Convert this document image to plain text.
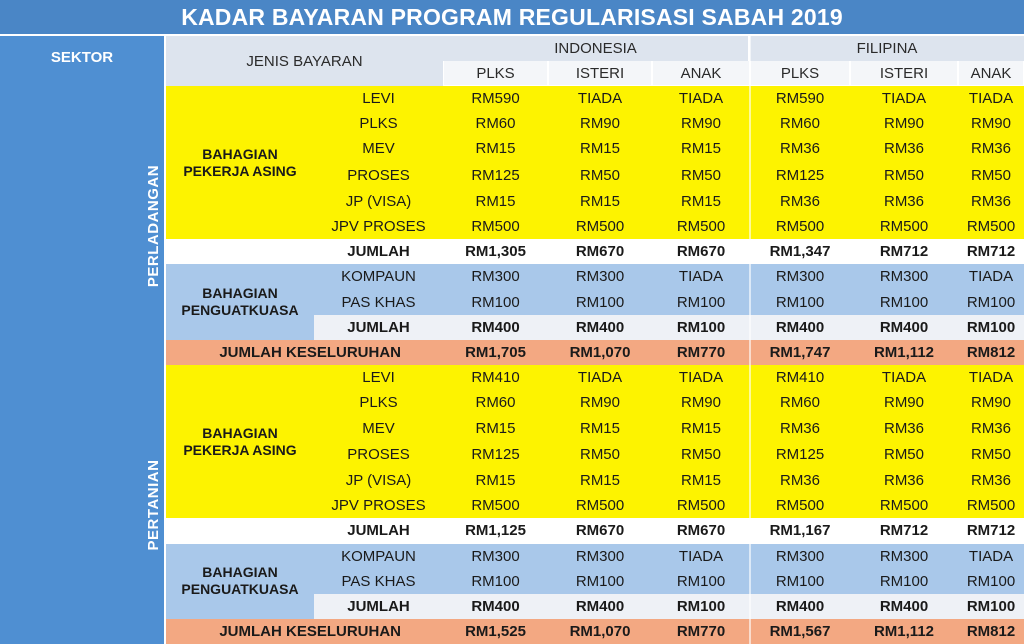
KADAR BAYARAN PROGRAM REGULARISASI SABAH 2019
SEKTOR	JENIS BAYARAN
INDONESIA	FILIPINA
PLKS	ISTERI	ANAK	PLKS	ISTERI	ANAK
LEVI	RM590	TIADA	TIADA	RM590	TIADA	TIADA
PLKS	RM60	RM90	RM90	RM60	RM90	RM90
MEV	RM15	RM15	RM15	RM36	RM36	RM36
PROSES	RM125	RM50	RM50	RM125	RM50	RM50
JP (VISA)	RM15	RM15	RM15	RM36	RM36	RM36
JPV PROSES	RM500	RM500	RM500	RM500	RM500	RM500
JUMLAH	RM1,305	RM670	RM670	RM1,347	RM712	RM712
BAHAGIAN PEKERJA ASING
KOMPAUN	RM300	RM300	TIADA	RM300	RM300	TIADA
PAS KHAS	RM100	RM100	RM100	RM100	RM100	RM100
JUMLAH	RM400	RM400	RM100	RM400	RM400	RM100
BAHAGIAN PENGUATKUASA
JUMLAH KESELURUHAN	RM1,705	RM1,070	RM770	RM1,747	RM1,112	RM812
PERLADANGAN
LEVI	RM410	TIADA	TIADA	RM410	TIADA	TIADA
PLKS	RM60	RM90	RM90	RM60	RM90	RM90
MEV	RM15	RM15	RM15	RM36	RM36	RM36
PROSES	RM125	RM50	RM50	RM125	RM50	RM50
JP (VISA)	RM15	RM15	RM15	RM36	RM36	RM36
JPV PROSES	RM500	RM500	RM500	RM500	RM500	RM500
JUMLAH	RM1,125	RM670	RM670	RM1,167	RM712	RM712
BAHAGIAN PEKERJA ASING
KOMPAUN	RM300	RM300	TIADA	RM300	RM300	TIADA
PAS KHAS	RM100	RM100	RM100	RM100	RM100	RM100
JUMLAH	RM400	RM400	RM100	RM400	RM400	RM100
BAHAGIAN PENGUATKUASA
JUMLAH KESELURUHAN	RM1,525	RM1,070	RM770	RM1,567	RM1,112	RM812
PERTANIAN
